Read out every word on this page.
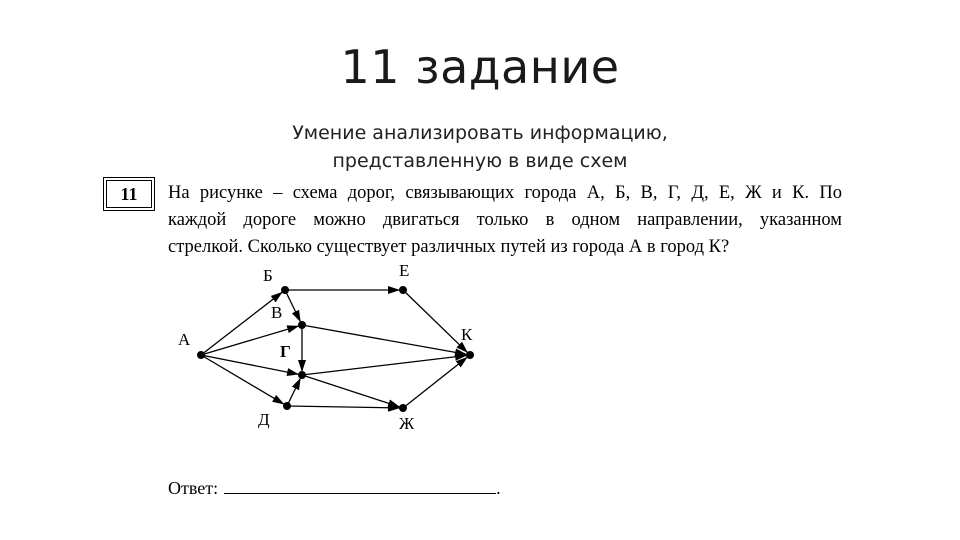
11 задание
Умение анализировать информацию,
представленную в виде схем
11	На рисунке – схема дорог, связывающих города А, Б, В, Г, Д, Е, Ж и К. По
каждой дороге можно двигаться только в одном направлении, указанном
стрелкой. Сколько существует различных путей из города А в город К?
А
Б
В
Г
Д
Е
Ж
К
Ответ:	.
